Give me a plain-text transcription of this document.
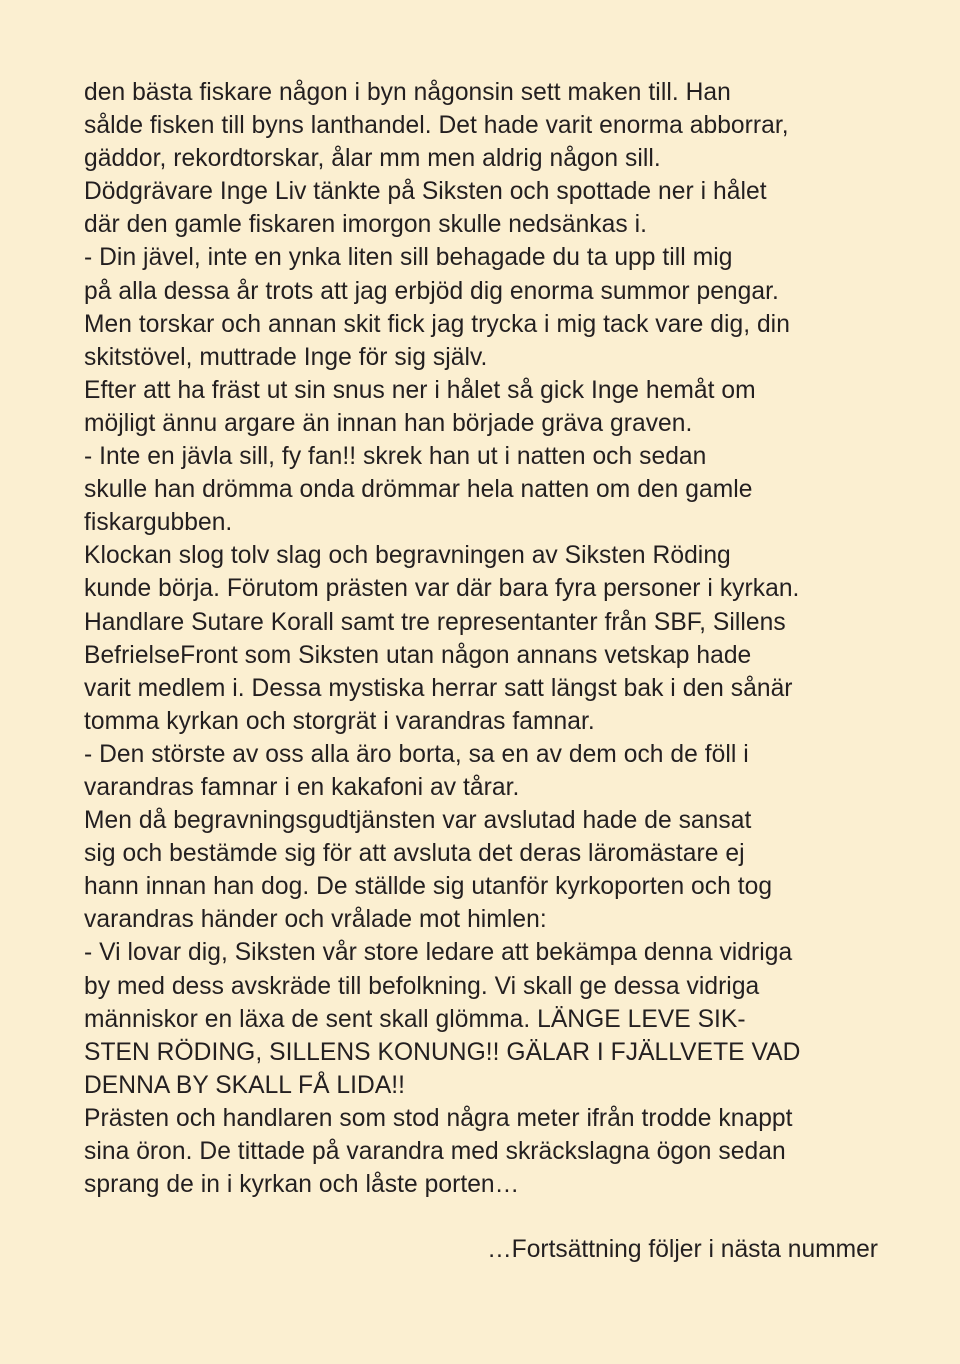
den bästa fiskare någon i byn någonsin sett maken till. Han
sålde fisken till byns lanthandel. Det hade varit enorma abborrar,
gäddor, rekordtorskar, ålar mm men aldrig någon sill.
Dödgrävare Inge Liv tänkte på Siksten och spottade ner i hålet
där den gamle fiskaren imorgon skulle nedsänkas i.
- Din jävel, inte en ynka liten sill behagade du ta upp till mig
på alla dessa år trots att jag erbjöd dig enorma summor pengar.
Men torskar och annan skit fick jag trycka i mig tack vare dig, din
skitstövel, muttrade Inge för sig själv.
Efter att ha fräst ut sin snus ner i hålet så gick Inge hemåt om
möjligt ännu argare än innan han började gräva graven.
- Inte en jävla sill, fy fan!! skrek han ut i natten och sedan
skulle han drömma onda drömmar hela natten om den gamle
fiskargubben.
Klockan slog tolv slag och begravningen av Siksten Röding
kunde börja. Förutom prästen var där bara fyra personer i kyrkan.
Handlare Sutare Korall samt tre representanter från SBF, Sillens
BefrielseFront som Siksten utan någon annans vetskap hade
varit medlem i. Dessa mystiska herrar satt längst bak i den sånär
tomma kyrkan och storgrät i varandras famnar.
- Den störste av oss alla äro borta, sa en av dem och de föll i
varandras famnar i en kakafoni av tårar.
Men då begravningsgudtjänsten var avslutad hade de sansat
sig och bestämde sig för att avsluta det deras läromästare ej
hann innan han dog. De ställde sig utanför kyrkoporten och tog
varandras händer och vrålade mot himlen:
- Vi lovar dig, Siksten vår store ledare att bekämpa denna vidriga
by med dess avskräde till befolkning. Vi skall ge dessa vidriga
människor en läxa de sent skall glömma. LÄNGE LEVE SIK-
STEN RÖDING, SILLENS KONUNG!! GÄLAR I FJÄLLVETE VAD
DENNA BY SKALL FÅ LIDA!!
Prästen och handlaren som stod några meter ifrån trodde knappt
sina öron. De tittade på varandra med skräckslagna ögon sedan
sprang de in i kyrkan och låste porten…
…Fortsättning följer i nästa nummer
